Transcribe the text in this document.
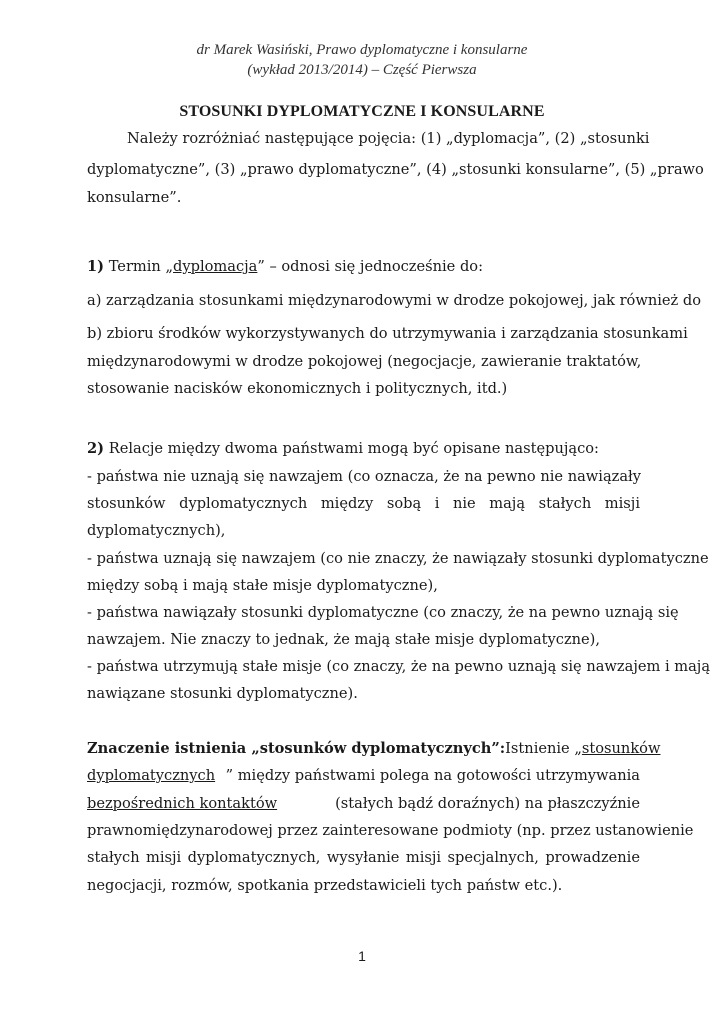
dr Marek Wasiński, Prawo dyplomatyczne i konsularne
(wykład 2013/2014) – Część Pierwsza
STOSUNKI DYPLOMATYCZNE I KONSULARNE
Należy rozróżniać następujące pojęcia: (1) „dyplomacja”, (2) „stosunki
dyplomatyczne”, (3) „prawo dyplomatyczne”, (4) „stosunki konsularne”, (5) „prawo
konsularne”.
1) Termin „dyplomacja” – odnosi się jednocześnie do:
a) zarządzania stosunkami międzynarodowymi w drodze pokojowej, jak również do
b) zbioru środków wykorzystywanych do utrzymywania i zarządzania stosunkami
międzynarodowymi w drodze pokojowej (negocjacje, zawieranie traktatów,
stosowanie nacisków ekonomicznych i politycznych, itd.)
2) Relacje między dwoma państwami mogą być opisane następująco:
- państwa nie uznają się nawzajem (co oznacza, że na pewno nie nawiązały
stosunków dyplomatycznych między sobą i nie mają stałych misji
dyplomatycznych),
- państwa uznają się nawzajem (co nie znaczy, że nawiązały stosunki dyplomatyczne
między sobą i mają stałe misje dyplomatyczne),
- państwa nawiązały stosunki dyplomatyczne (co znaczy, że na pewno uznają się
nawzajem. Nie znaczy to jednak, że mają stałe misje dyplomatyczne),
- państwa utrzymują stałe misje (co znaczy, że na pewno uznają się nawzajem i mają
nawiązane stosunki dyplomatyczne).
Znaczenie istnienia „stosunków dyplomatycznych”: Istnienie „stosunków
dyplomatycznych ” między państwami polega na gotowości utrzymywania
bezpośrednich kontaktów	(stałych bądź doraźnych) na płaszczyźnie
prawnomiędzynarodowej przez zainteresowane podmioty (np. przez ustanowienie
stałych misji dyplomatycznych, wysyłanie misji specjalnych, prowadzenie
negocjacji, rozmów, spotkania przedstawicieli tych państw etc.).
1
